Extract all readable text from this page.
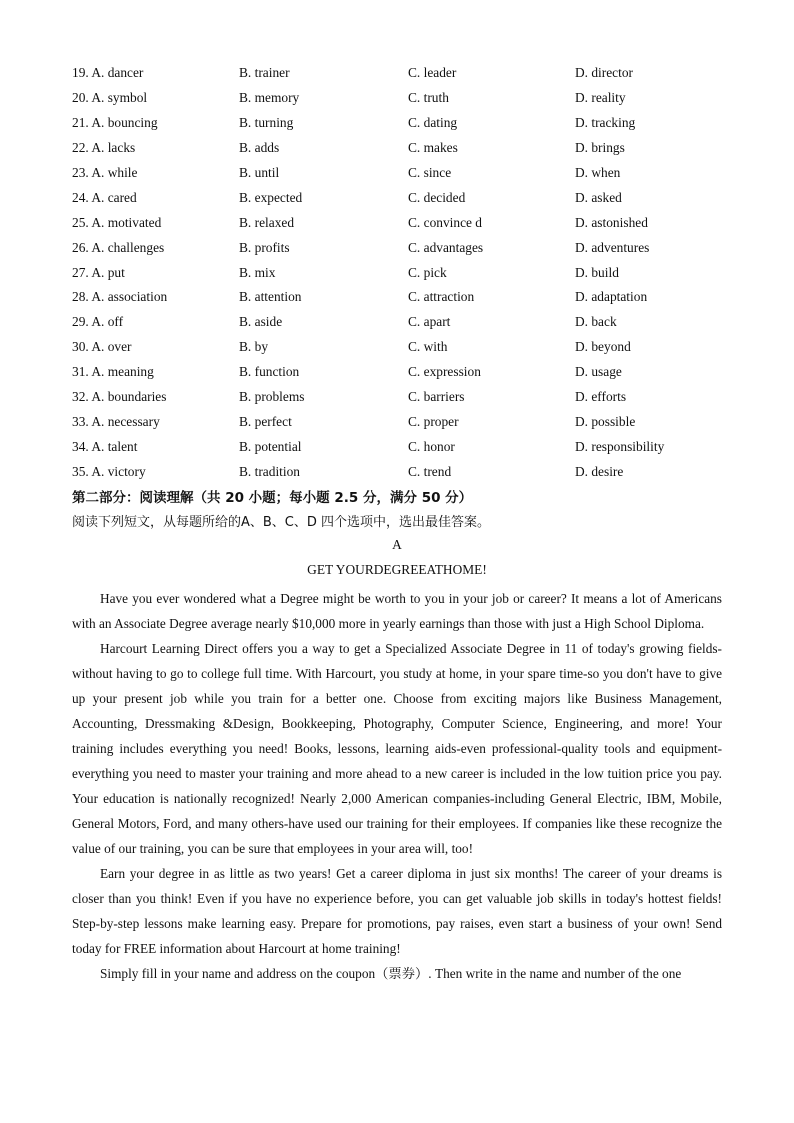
19. A. dancer	B. trainer	C. leader	D. director
20. A. symbol	B. memory	C. truth	D. reality
21. A. bouncing	B. turning	C. dating	D. tracking
22. A. lacks	B. adds	C. makes	D. brings
23. A. while	B. until	C. since	D. when
24. A. cared	B. expected	C. decided	D. asked
25. A. motivated	B. relaxed	C. convince d	D. astonished
26. A. challenges	B. profits	C. advantages	D. adventures
27. A. put	B. mix	C. pick	D. build
28. A. association	B. attention	C. attraction	D. adaptation
29. A. off	B. aside	C. apart	D. back
30. A. over	B. by	C. with	D. beyond
31. A. meaning	B. function	C. expression	D. usage
32. A. boundaries	B. problems	C. barriers	D. efforts
33. A. necessary	B. perfect	C. proper	D. possible
34. A. talent	B. potential	C. honor	D. responsibility
35. A. victory	B. tradition	C. trend	D. desire
第二部分：阅读理解（共 20 小题；每小题 2.5 分，满分 50 分）
阅读下列短文，从每题所给的A、B、C、D 四个选项中，选出最佳答案。
A
GET YOURDEGREEATHOME!

Have you ever wondered what a Degree might be worth to you in your job or career? It means a lot of Americans with an Associate Degree average nearly $10,000 more in yearly earnings than those with just a High School Diploma.

Harcourt Learning Direct offers you a way to get a Specialized Associate Degree in 11 of today's growing fields-without having to go to college full time. With Harcourt, you study at home, in your spare time-so you don't have to give up your present job while you train for a better one. Choose from exciting majors like Business Management, Accounting, Dressmaking &Design, Bookkeeping, Photography, Computer Science, Engineering, and more! Your training includes everything you need! Books, lessons, learning aids-even professional-quality tools and equipment-everything you need to master your training and more ahead to a new career is included in the low tuition price you pay. Your education is nationally recognized! Nearly 2,000 American companies-including General Electric, IBM, Mobile, General Motors, Ford, and many others-have used our training for their employees. If companies like these recognize the value of our training, you can be sure that employees in your area will, too!

Earn your degree in as little as two years! Get a career diploma in just six months! The career of your dreams is closer than you think! Even if you have no experience before, you can get valuable job skills in today's hottest fields! Step-by-step lessons make learning easy. Prepare for promotions, pay raises, even start a business of your own! Send today for FREE information about Harcourt at home training!

Simply fill in your name and address on the coupon（票券）. Then write in the name and number of the one
